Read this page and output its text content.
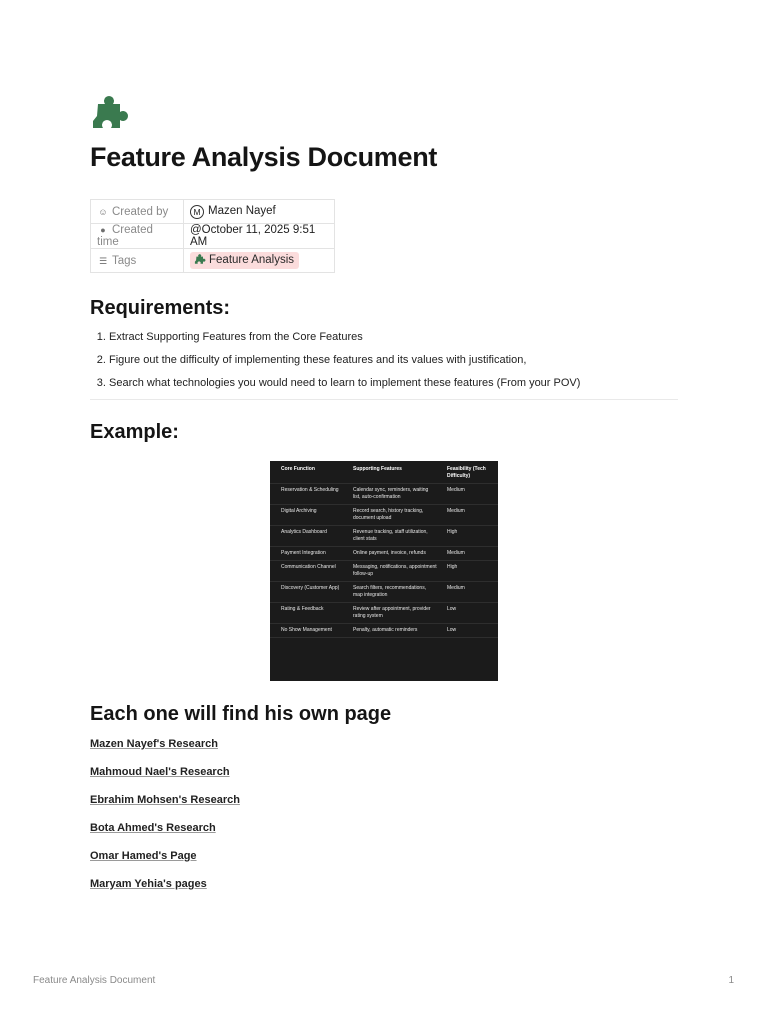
Feature Analysis Document
☺ Created by	M Mazen Nayef
● Created time	@October 11, 2025 9:51 AM
☰ Tags	Feature Analysis
Requirements:
1. Extract Supporting Features from the Core Features
2. Figure out the difficulty of implementing these features and its values with justification,
3. Search what technologies you would need to learn to implement these features (From your POV)
Example:
Core Function	Supporting Features	Feasibility (Tech Difficulty)
Reservation & Scheduling	Calendar sync, reminders, waiting list, auto-confirmation	Medium
Digital Archiving	Record search, history tracking, document upload	Medium
Analytics Dashboard	Revenue tracking, staff utilization, client stats	High
Payment Integration	Online payment, invoice, refunds	Medium
Communication Channel	Messaging, notifications, appointment follow-up	High
Discovery (Customer App)	Search filters, recommendations, map integration	Medium
Rating & Feedback	Review after appointment, provider rating system	Low
No Show Management	Penalty, automatic reminders	Low
Each one will find his own page
Mazen Nayef's Research
Mahmoud Nael's Research
Ebrahim Mohsen's Research
Bota Ahmed's Research
Omar Hamed's Page
Maryam Yehia's pages
Feature Analysis Document	1
